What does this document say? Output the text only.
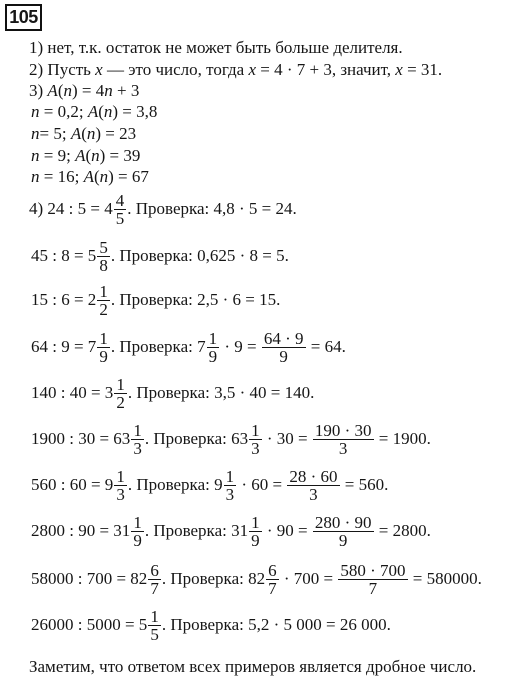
105
1) нет, т.к. остаток не может быть больше делителя.
2) Пусть x — это число, тогда x = 4 · 7 + 3, значит, x = 31.
3) A(n) = 4n + 3
n = 0,2; A(n) = 3,8
n= 5; A(n) = 23
n = 9; A(n) = 39
n = 16; A(n) = 67
4) 24 : $5 = 4 \frac{4}{5}$ . Проверка: 4,8 · 5 = 24.
45 : $8 = 5 \frac{5}{8}$ . Проверка: 0,625 · 8 = 5.
15 : $6 = 2 \frac{1}{2}$ . Проверка: 2,5 · 6 = 15.
64 : $9 = 7 \frac{1}{9}$ . Проверка: $7 \frac{1}{9} \cdot 9 = \frac{64 \cdot 9}{9} = 64$.
140 : $40 = 3 \frac{1}{2}$ . Проверка: 3,5 · 40 = 140.
1900 : $30 = 63 \frac{1}{3}$ . Проверка: $63 \frac{1}{3} \cdot 30 = \frac{190 \cdot 30}{3} = 1900$.
560 : $60 = 9 \frac{1}{3}$ . Проверка: $9 \frac{1}{3} \cdot 60 = \frac{28 \cdot 60}{3} = 560$.
2800 : $90 = 31 \frac{1}{9}$ . Проверка: $31 \frac{1}{9} \cdot 90 = \frac{280 \cdot 90}{9} = 2800$.
58000 : $700 = 82 \frac{6}{7}$ . Проверка: $82 \frac{6}{7} \cdot 700 = \frac{580 \cdot 700}{7} = 580000$.
26000 : $5000 = 5 \frac{1}{5}$ . Проверка: 5,2 · 5 000 = 26 000.
Заметим, что ответом всех примеров является дробное число.
